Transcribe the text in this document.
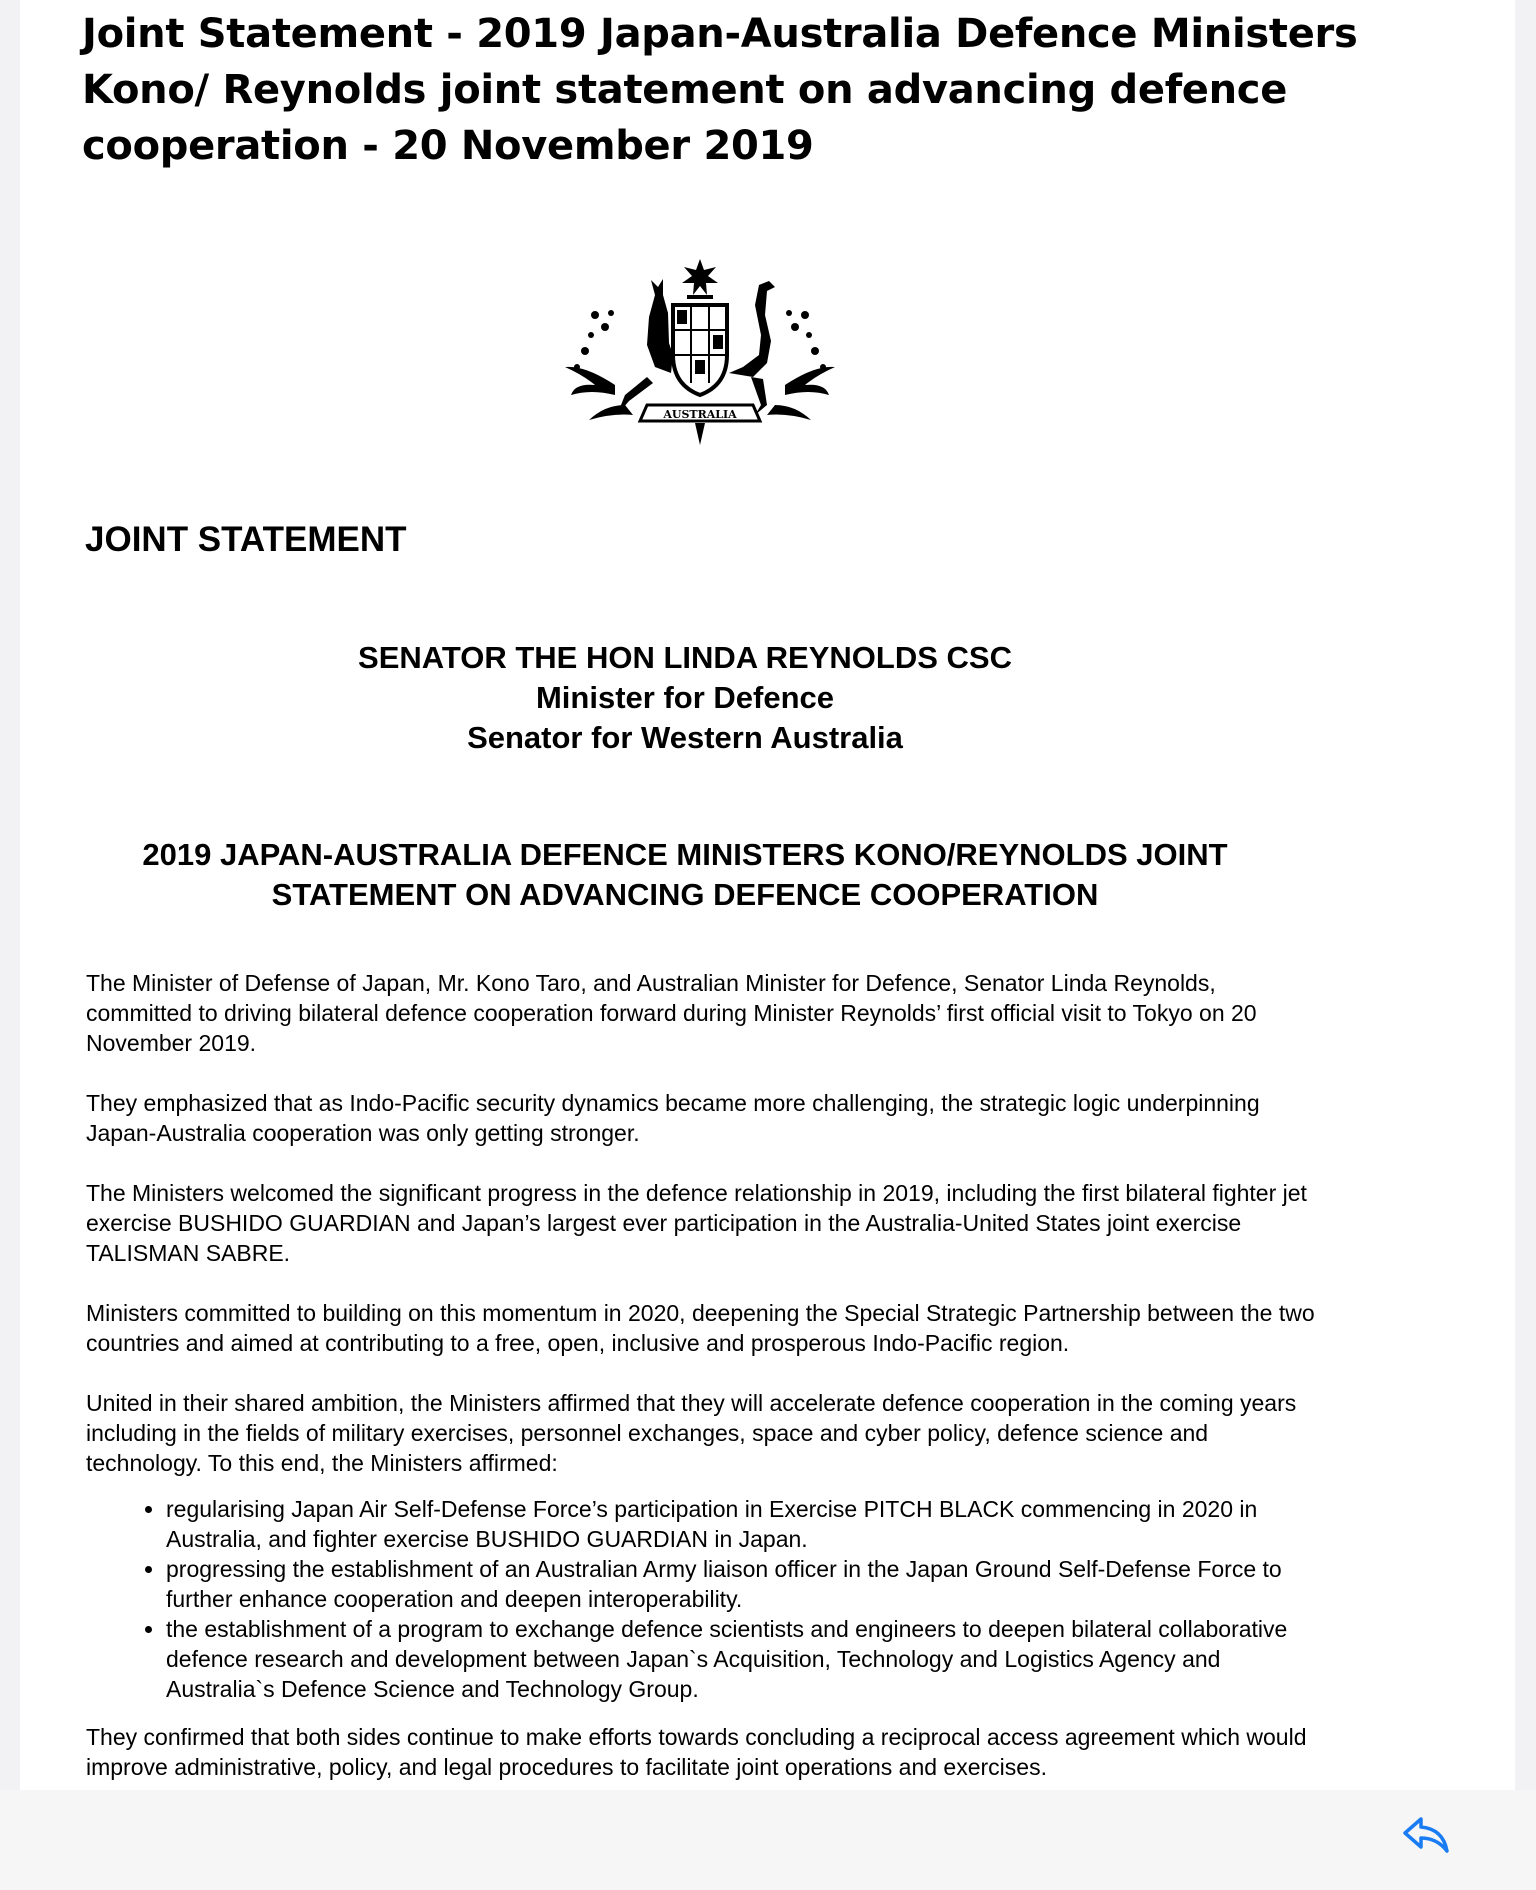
Joint Statement - 2019 Japan-Australia Defence Ministers Kono/ Reynolds joint statement on advancing defence cooperation - 20 November 2019
AUSTRALIA
JOINT STATEMENT
SENATOR THE HON LINDA REYNOLDS CSC
Minister for Defence
Senator for Western Australia
2019 JAPAN-AUSTRALIA DEFENCE MINISTERS KONO/REYNOLDS JOINT
STATEMENT ON ADVANCING DEFENCE COOPERATION

The Minister of Defense of Japan, Mr. Kono Taro, and Australian Minister for Defence, Senator Linda Reynolds, committed to driving bilateral defence cooperation forward during Minister Reynolds’ first official visit to Tokyo on 20 November 2019.

They emphasized that as Indo-Pacific security dynamics became more challenging, the strategic logic underpinning Japan-Australia cooperation was only getting stronger.

The Ministers welcomed the significant progress in the defence relationship in 2019, including the first bilateral fighter jet exercise BUSHIDO GUARDIAN and Japan’s largest ever participation in the Australia-United States joint exercise TALISMAN SABRE.

Ministers committed to building on this momentum in 2020, deepening the Special Strategic Partnership between the two countries and aimed at contributing to a free, open, inclusive and prosperous Indo-Pacific region.

United in their shared ambition, the Ministers affirmed that they will accelerate defence cooperation in the coming years including in the fields of military exercises, personnel exchanges, space and cyber policy, defence science and technology. To this end, the Ministers affirmed:

• regularising Japan Air Self-Defense Force’s participation in Exercise PITCH BLACK commencing in 2020 in Australia, and fighter exercise BUSHIDO GUARDIAN in Japan.
• progressing the establishment of an Australian Army liaison officer in the Japan Ground Self-Defense Force to further enhance cooperation and deepen interoperability.
• the establishment of a program to exchange defence scientists and engineers to deepen bilateral collaborative defence research and development between Japan`s Acquisition, Technology and Logistics Agency and Australia`s Defence Science and Technology Group.

They confirmed that both sides continue to make efforts towards concluding a reciprocal access agreement which would improve administrative, policy, and legal procedures to facilitate joint operations and exercises.
